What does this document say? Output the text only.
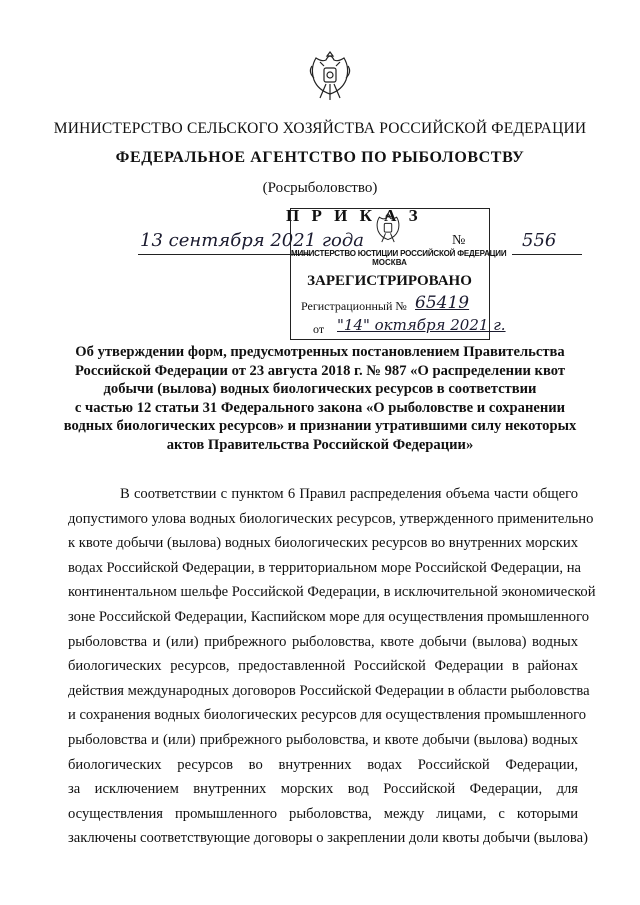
МИНИСТЕРСТВО СЕЛЬСКОГО ХОЗЯЙСТВА РОССИЙСКОЙ ФЕДЕРАЦИИ
ФЕДЕРАЛЬНОЕ АГЕНТСТВО ПО РЫБОЛОВСТВУ
(Росрыболовство)
П Р И К А З
13 сентября 2021 года	№	556
МИНИСТЕРСТВО ЮСТИЦИИ РОССИЙСКОЙ ФЕДЕРАЦИИ
МОСКВА
ЗАРЕГИСТРИРОВАНО
Регистрационный № 65419
от "14" октября 2021 г.
Об утверждении форм, предусмотренных постановлением Правительства
Российской Федерации от 23 августа 2018 г. № 987 «О распределении квот
добычи (вылова) водных биологических ресурсов в соответствии
с частью 12 статьи 31 Федерального закона «О рыболовстве и сохранении
водных биологических ресурсов» и признании утратившими силу некоторых
актов Правительства Российской Федерации»
В соответствии с пунктом 6 Правил распределения объема части общего
допустимого улова водных биологических ресурсов, утвержденного применительно
к квоте добычи (вылова) водных биологических ресурсов во внутренних морских
водах Российской Федерации, в территориальном море Российской Федерации, на
континентальном шельфе Российской Федерации, в исключительной экономической
зоне Российской Федерации, Каспийском море для осуществления промышленного
рыболовства и (или) прибрежного рыболовства, квоте добычи (вылова) водных
биологических ресурсов, предоставленной Российской Федерации в районах
действия международных договоров Российской Федерации в области рыболовства
и сохранения водных биологических ресурсов для осуществления промышленного
рыболовства и (или) прибрежного рыболовства, и квоте добычи (вылова) водных
биологических ресурсов во внутренних водах Российской Федерации,
за исключением внутренних морских вод Российской Федерации, для
осуществления промышленного рыболовства, между лицами, с которыми
заключены соответствующие договоры о закреплении доли квоты добычи (вылова)
